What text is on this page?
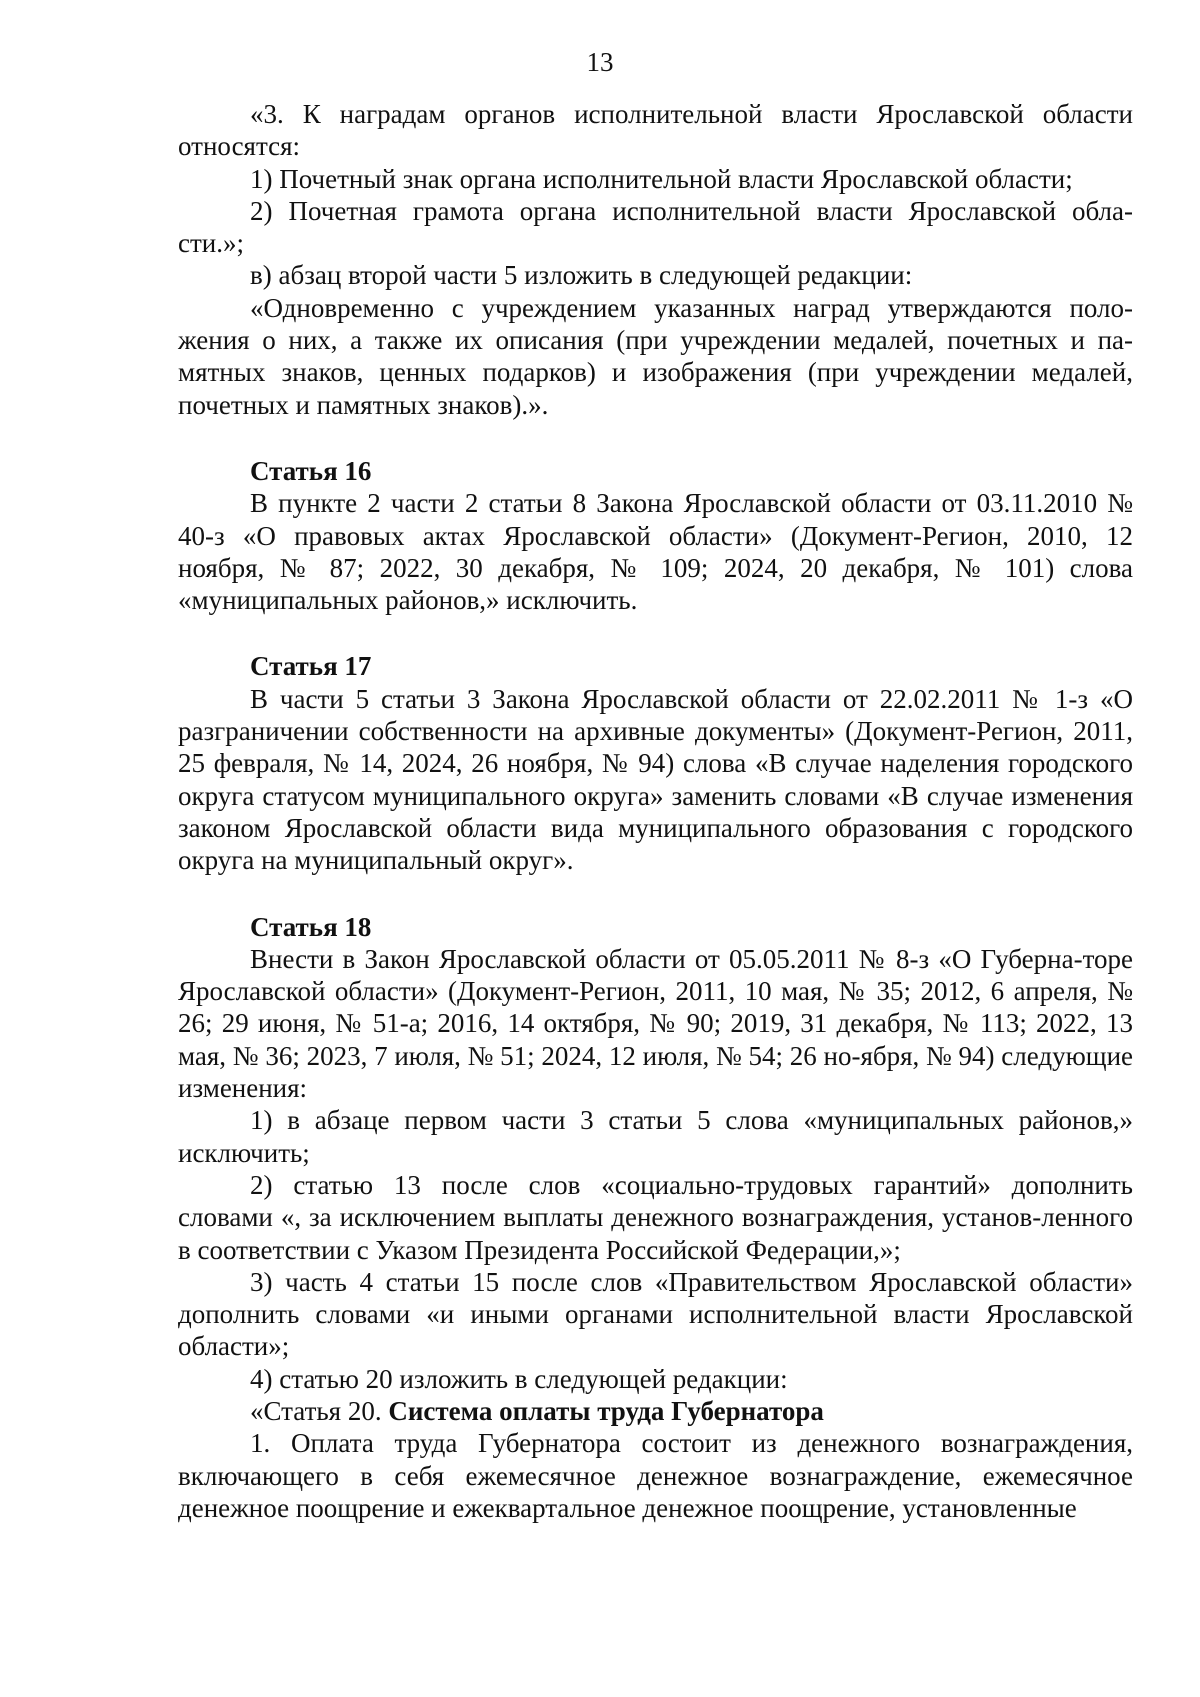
13

«3. К наградам органов исполнительной власти Ярославской области относятся:

1) Почетный знак органа исполнительной власти Ярославской области;

2) Почетная грамота органа исполнительной власти Ярославской обла-сти.»;

в) абзац второй части 5 изложить в следующей редакции:

«Одновременно с учреждением указанных наград утверждаются поло-жения о них, а также их описания (при учреждении медалей, почетных и па-мятных знаков, ценных подарков) и изображения (при учреждении медалей, почетных и памятных знаков).».

Статья 16

В пункте 2 части 2 статьи 8 Закона Ярославской области от 03.11.2010 № 40-з «О правовых актах Ярославской области» (Документ-Регион, 2010, 12 ноября, № 87; 2022, 30 декабря, № 109; 2024, 20 декабря, № 101) слова «муниципальных районов,» исключить.

Статья 17

В части 5 статьи 3 Закона Ярославской области от 22.02.2011 № 1-з «О разграничении собственности на архивные документы» (Документ-Регион, 2011, 25 февраля, № 14, 2024, 26 ноября, № 94) слова «В случае наделения городского округа статусом муниципального округа» заменить словами «В случае изменения законом Ярославской области вида муниципального образования с городского округа на муниципальный округ».

Статья 18

Внести в Закон Ярославской области от 05.05.2011 № 8-з «О Губерна-торе Ярославской области» (Документ-Регион, 2011, 10 мая, № 35; 2012, 6 апреля, № 26; 29 июня, № 51-а; 2016, 14 октября, № 90; 2019, 31 декабря, № 113; 2022, 13 мая, № 36; 2023, 7 июля, № 51; 2024, 12 июля, № 54; 26 но-ября, № 94) следующие изменения:

1) в абзаце первом части 3 статьи 5 слова «муниципальных районов,» исключить;

2) статью 13 после слов «социально-трудовых гарантий» дополнить словами «, за исключением выплаты денежного вознаграждения, установ-ленного в соответствии с Указом Президента Российской Федерации,»;

3) часть 4 статьи 15 после слов «Правительством Ярославской области» дополнить словами «и иными органами исполнительной власти Ярославской области»;

4) статью 20 изложить в следующей редакции:

«Статья 20. Система оплаты труда Губернатора

1. Оплата труда Губернатора состоит из денежного вознаграждения, включающего в себя ежемесячное денежное вознаграждение, ежемесячное денежное поощрение и ежеквартальное денежное поощрение, установленные
